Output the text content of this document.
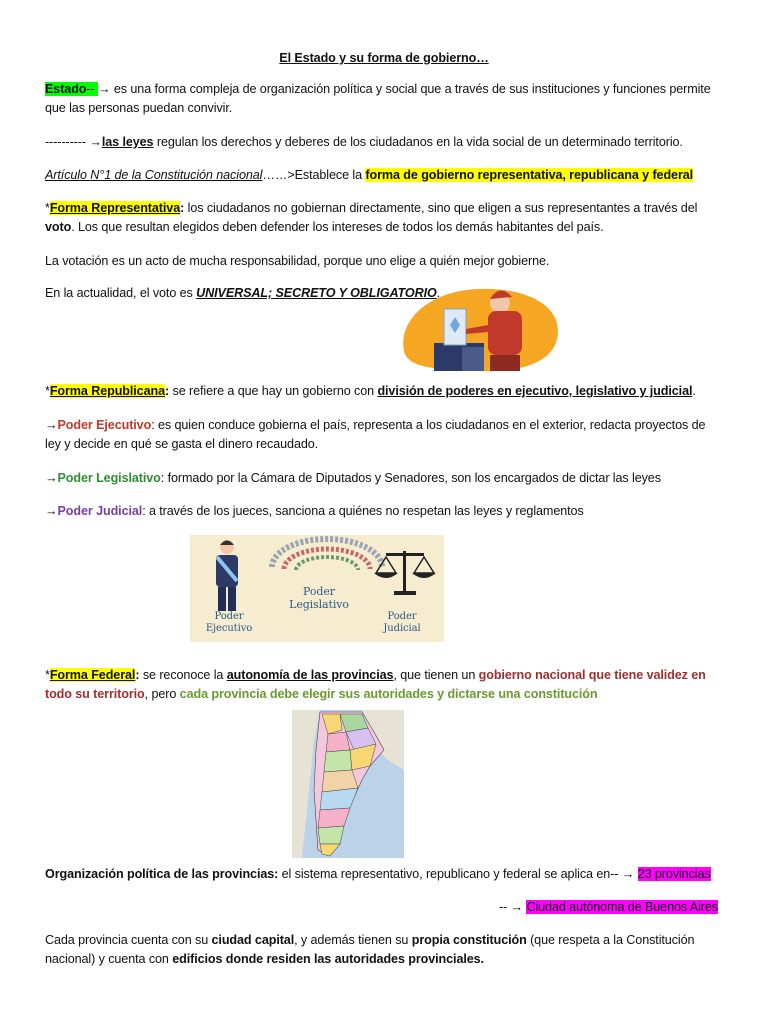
El Estado y su forma de gobierno…
Estado-- → es una forma compleja de organización política y social que a través de sus instituciones y funciones permite
que las personas puedan convivir.
---------- →las leyes regulan los derechos y deberes de los ciudadanos en la vida social de un determinado territorio.
Artículo N°1 de la Constitución nacional……>Establece la forma de gobierno representativa, republicana y federal
*Forma Representativa: los ciudadanos no gobiernan directamente, sino que eligen a sus representantes a través del
voto. Los que resultan elegidos deben defender los intereses de todos los demás habitantes del país.
La votación es un acto de mucha responsabilidad, porque uno elige a quién mejor gobierne.
En la actualidad, el voto es UNIVERSAL; SECRETO Y OBLIGATORIO.
*Forma Republicana: se refiere a que hay un gobierno con división de poderes en ejecutivo, legislativo y judicial.
→Poder Ejecutivo: es quien conduce gobierna el país, representa a los ciudadanos en el exterior, redacta proyectos de
ley y decide en qué se gasta el dinero recaudado.
→Poder Legislativo: formado por la Cámara de Diputados y Senadores, son los encargados de dictar las leyes
→Poder Judicial: a través de los jueces, sanciona a quiénes no respetan las leyes y reglamentos
Poder
Ejecutivo
Poder
Legislativo
Poder
Judicial
*Forma Federal: se reconoce la autonomía de las provincias, que tienen un gobierno nacional que tiene validez en
todo su territorio, pero cada provincia debe elegir sus autoridades y dictarse una constitución
Organización política de las provincias: el sistema representativo, republicano y federal se aplica en-- → 23 provincias
-- → Ciudad autónoma de Buenos Aires
Cada provincia cuenta con su ciudad capital, y además tienen su propia constitución (que respeta a la Constitución
nacional) y cuenta con edificios donde residen las autoridades provinciales.
